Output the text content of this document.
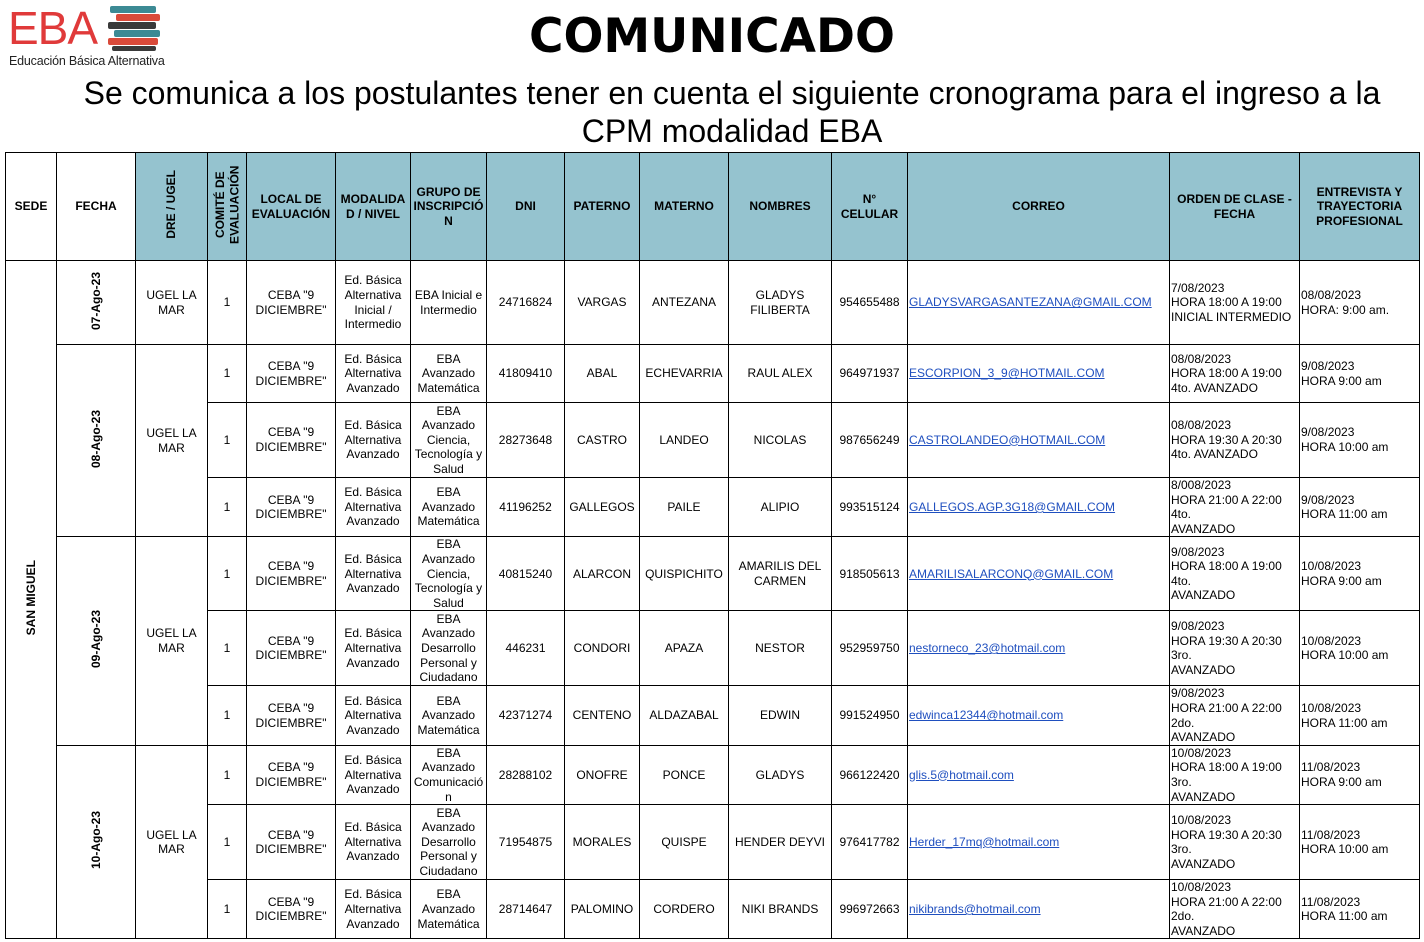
EBA
Educación Básica Alternativa	COMUNICADO
Se comunica a los postulantes tener en cuenta el siguiente cronograma para el ingreso a la CPM modalidad EBA
SEDE	FECHA	DRE / UGEL	COMITÉ DE EVALUACIÓN	LOCAL DE EVALUACIÓN	MODALIDA D / NIVEL	GRUPO DE INSCRIPCIÓ N	DNI	PATERNO	MATERNO	NOMBRES	N° CELULAR	CORREO	ORDEN DE CLASE - FECHA	ENTREVISTA Y TRAYECTORIA PROFESIONAL
SAN MIGUEL	07-Ago-23	UGEL LA MAR	1	CEBA "9 DICIEMBRE"	Ed. Básica Alternativa Inicial / Intermedio	EBA Inicial e Intermedio	24716824	VARGAS	ANTEZANA	GLADYS FILIBERTA	954655488	GLADYSVARGASANTEZANA@GMAIL.COM	7/08/2023
HORA 18:00 A 19:00
INICIAL INTERMEDIO	08/08/2023
HORA: 9:00 am.
	08-Ago-23	UGEL LA MAR	1	CEBA "9 DICIEMBRE"	Ed. Básica Alternativa Avanzado	EBA Avanzado Matemática	41809410	ABAL	ECHEVARRIA	RAUL ALEX	964971937	ESCORPION_3_9@HOTMAIL.COM	08/08/2023
HORA 18:00 A 19:00
4to. AVANZADO	9/08/2023
HORA 9:00 am
			1	CEBA "9 DICIEMBRE"	Ed. Básica Alternativa Avanzado	EBA Avanzado Ciencia, Tecnología y Salud	28273648	CASTRO	LANDEO	NICOLAS	987656249	CASTROLANDEO@HOTMAIL.COM	08/08/2023
HORA 19:30 A 20:30
4to. AVANZADO	9/08/2023
HORA 10:00 am
			1	CEBA "9 DICIEMBRE"	Ed. Básica Alternativa Avanzado	EBA Avanzado Matemática	41196252	GALLEGOS	PAILE	ALIPIO	993515124	GALLEGOS.AGP.3G18@GMAIL.COM	8/008/2023
HORA 21:00 A 22:00
4to.
AVANZADO	9/08/2023
HORA 11:00 am
	09-Ago-23	UGEL LA MAR	1	CEBA "9 DICIEMBRE"	Ed. Básica Alternativa Avanzado	EBA Avanzado Ciencia, Tecnología y Salud	40815240	ALARCON	QUISPICHITO	AMARILIS DEL CARMEN	918505613	AMARILISALARCONQ@GMAIL.COM	9/08/2023
HORA 18:00 A 19:00
4to.
AVANZADO	10/08/2023
HORA 9:00 am
			1	CEBA "9 DICIEMBRE"	Ed. Básica Alternativa Avanzado	EBA Avanzado Desarrollo Personal y Ciudadano	446231	CONDORI	APAZA	NESTOR	952959750	nestorneco_23@hotmail.com	9/08/2023
HORA 19:30 A 20:30
3ro.
AVANZADO	10/08/2023
HORA 10:00 am
			1	CEBA "9 DICIEMBRE"	Ed. Básica Alternativa Avanzado	EBA Avanzado Matemática	42371274	CENTENO	ALDAZABAL	EDWIN	991524950	edwinca12344@hotmail.com	9/08/2023
HORA 21:00 A 22:00
2do.
AVANZADO	10/08/2023
HORA 11:00 am
	10-Ago-23	UGEL LA MAR	1	CEBA "9 DICIEMBRE"	Ed. Básica Alternativa Avanzado	EBA Avanzado Comunicació n	28288102	ONOFRE	PONCE	GLADYS	966122420	glis.5@hotmail.com	10/08/2023
HORA 18:00 A 19:00
3ro.
AVANZADO	11/08/2023
HORA 9:00 am
			1	CEBA "9 DICIEMBRE"	Ed. Básica Alternativa Avanzado	EBA Avanzado Desarrollo Personal y Ciudadano	71954875	MORALES	QUISPE	HENDER DEYVI	976417782	Herder_17mq@hotmail.com	10/08/2023
HORA 19:30 A 20:30
3ro.
AVANZADO	11/08/2023
HORA 10:00 am
			1	CEBA "9 DICIEMBRE"	Ed. Básica Alternativa Avanzado	EBA Avanzado Matemática	28714647	PALOMINO	CORDERO	NIKI BRANDS	996972663	nikibrands@hotmail.com	10/08/2023
HORA 21:00 A 22:00
2do.
AVANZADO	11/08/2023
HORA 11:00 am
